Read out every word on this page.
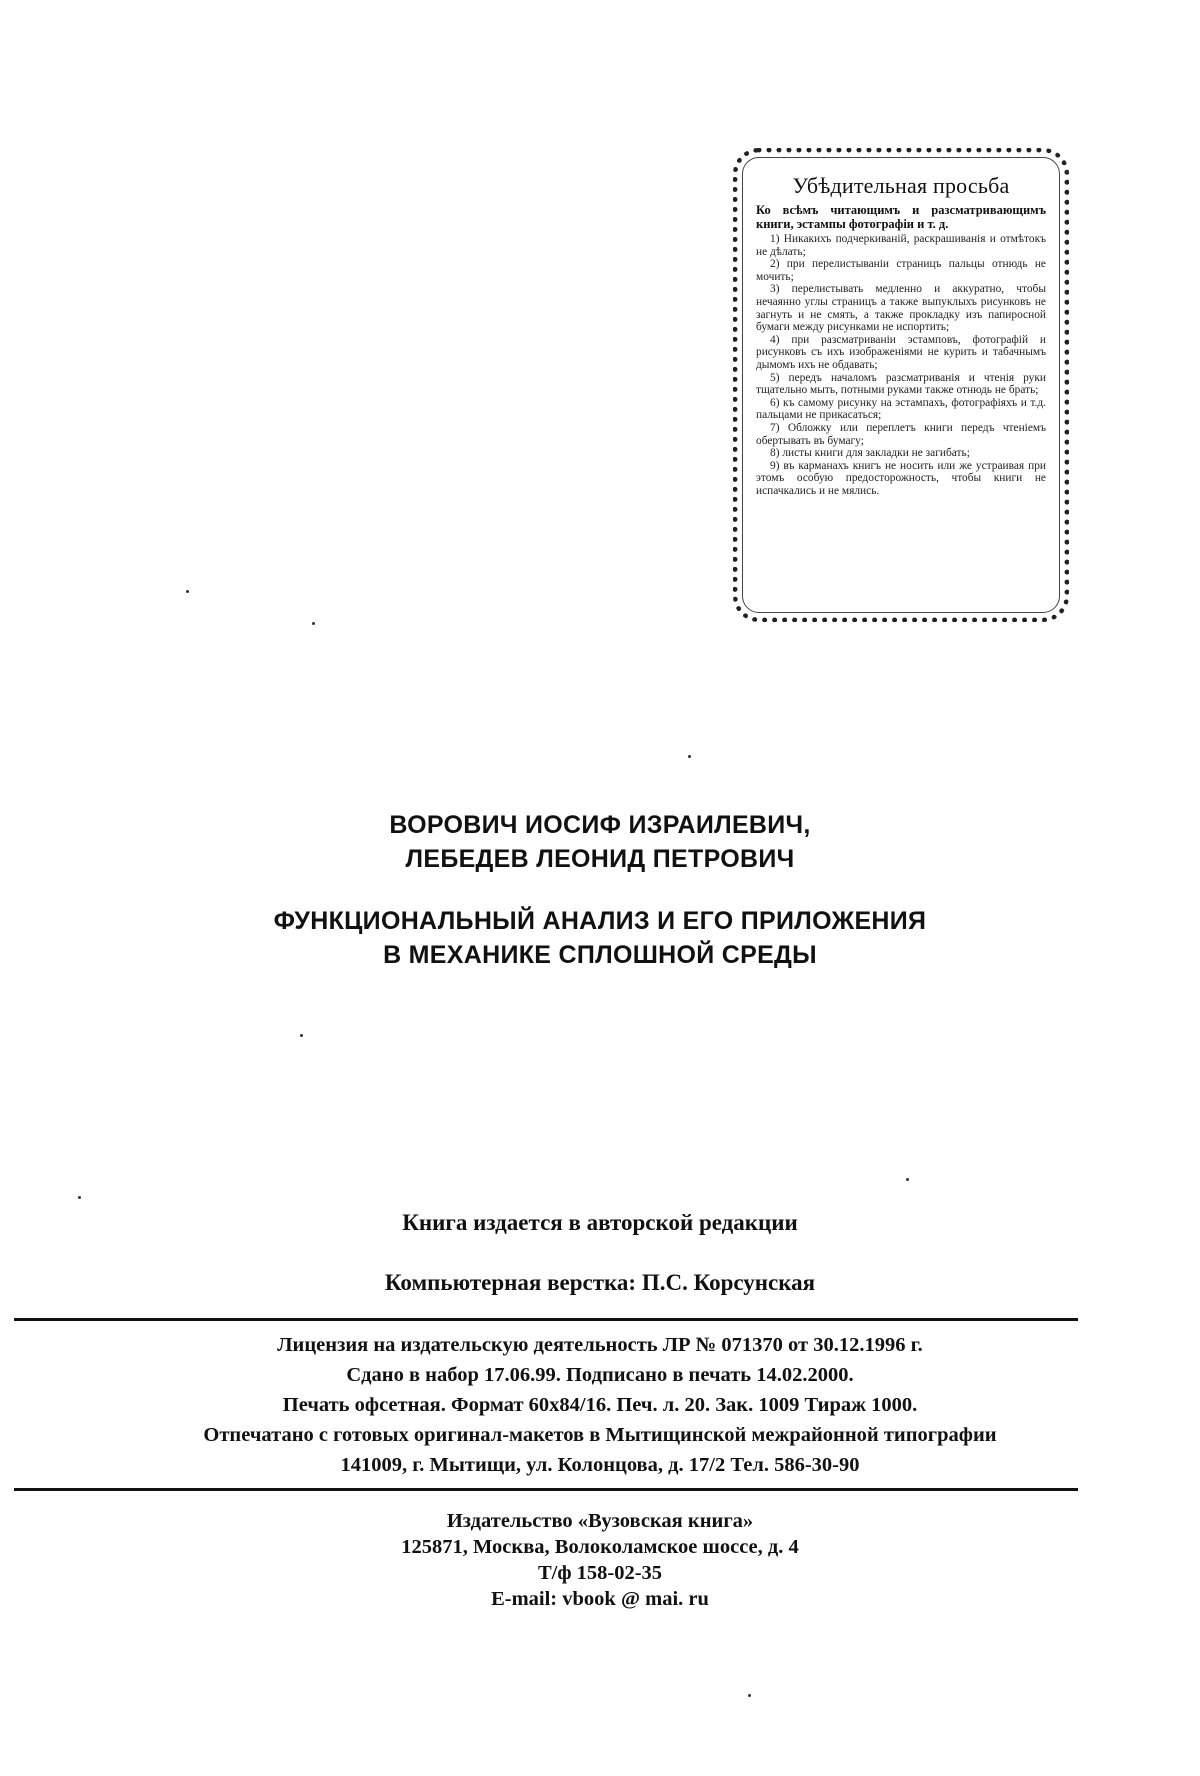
Убѣдительная просьба
Ко всѣмъ читающимъ и разсматривающимъ книги, эстампы фотографіи и т. д.
1) Никакихъ подчеркиваній, раскрашиванія и отмѣтокъ не дѣлать;
2) при перелистываніи страницъ пальцы отнюдь не мочить;
3) перелистывать медленно и аккуратно, чтобы нечаянно углы страницъ а также выпуклыхъ рисунковъ не загнуть и не смять, а также прокладку изъ папиросной бумаги между рисунками не испортить;
4) при разсматриваніи эстамповъ, фотографій и рисунковъ съ ихъ изображеніями не курить и табачнымъ дымомъ ихъ не обдавать;
5) передъ началомъ разсматриванія и чтенія руки тщательно мыть, потными руками также отнюдь не брать;
6) къ самому рисунку на эстампахъ, фотографіяхъ и т.д. пальцами не прикасаться;
7) Обложку или переплетъ книги передъ чтеніемъ обертывать въ бумагу;
8) листы книги для закладки не загибать;
9) въ карманахъ книгъ не носить или же устраивая при этомъ особую предосторожность, чтобы книги не испачкались и не мялись.
ВОРОВИЧ ИОСИФ ИЗРАИЛЕВИЧ,
ЛЕБЕДЕВ ЛЕОНИД ПЕТРОВИЧ
ФУНКЦИОНАЛЬНЫЙ АНАЛИЗ И ЕГО ПРИЛОЖЕНИЯ
В МЕХАНИКЕ СПЛОШНОЙ СРЕДЫ
Книга издается в авторской редакции
Компьютерная верстка: П.С. Корсунская
Лицензия на издательскую деятельность ЛР № 071370 от 30.12.1996 г.
Сдано в набор 17.06.99. Подписано в печать 14.02.2000.
Печать офсетная. Формат 60х84/16. Печ. л. 20. Зак. 1009 Тираж 1000.
Отпечатано с готовых оригинал-макетов в Мытищинской межрайонной типографии
141009, г. Мытищи, ул. Колонцова, д. 17/2 Тел. 586-30-90
Издательство «Вузовская книга»
125871, Москва, Волоколамское шоссе, д. 4
Т/ф 158-02-35
E-mail: vbook @ mai. ru
